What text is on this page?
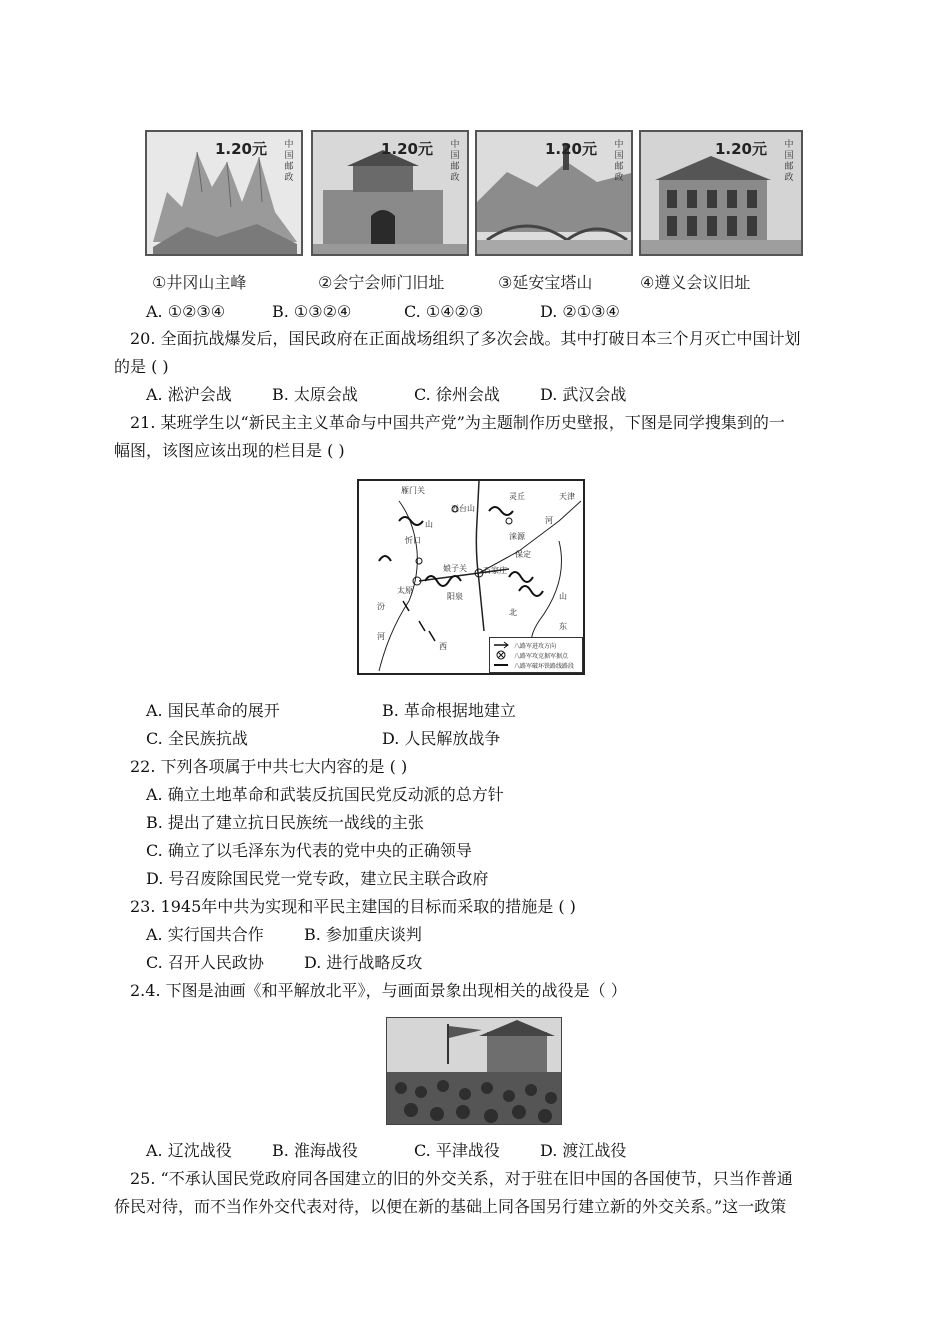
1.20元	中国邮政
1.20元	中国邮政
1.20元	中国邮政
1.20元	中国邮政
①井冈山主峰	②会宁会师门旧址	③延安宝塔山	④遵义会议旧址
A. ①②③④	B. ①③②④	C. ①④②③	D. ②①③④
20. 全面抗战爆发后，国民政府在正面战场组织了多次会战。其中打破日本三个月灭亡中国计划
的是 ( )
A. 淞沪会战	B. 太原会战	C. 徐州会战	D. 武汉会战
21. 某班学生以“新民主主义革命与中国共产党”为主题制作历史壁报，下图是同学搜集到的一
幅图，该图应该出现的栏目是 ( )
五台山
灵丘
涞源
雁门关
忻口
娘子关
太原
石家庄
天津
保定
阳泉
山
西
河
北
山
东
汾
河
八路军进攻方向
八路军攻克据军据点
八路军破坏铁路线路段
A. 国民革命的展开	B. 革命根据地建立
C. 全民族抗战	D. 人民解放战争
22. 下列各项属于中共七大内容的是 ( )
A. 确立土地革命和武装反抗国民党反动派的总方针
B. 提出了建立抗日民族统一战线的主张
C. 确立了以毛泽东为代表的党中央的正确领导
D. 号召废除国民党一党专政，建立民主联合政府
23. 1945年中共为实现和平民主建国的目标而采取的措施是 ( )
A. 实行国共合作	B. 参加重庆谈判
C. 召开人民政协	D. 进行战略反攻
2.4. 下图是油画《和平解放北平》，与画面景象出现相关的战役是（ ）
A. 辽沈战役	B. 淮海战役	C. 平津战役	D. 渡江战役
25. “不承认国民党政府同各国建立的旧的外交关系，对于驻在旧中国的各国使节，只当作普通
侨民对待，而不当作外交代表对待，以便在新的基础上同各国另行建立新的外交关系。”这一政策
